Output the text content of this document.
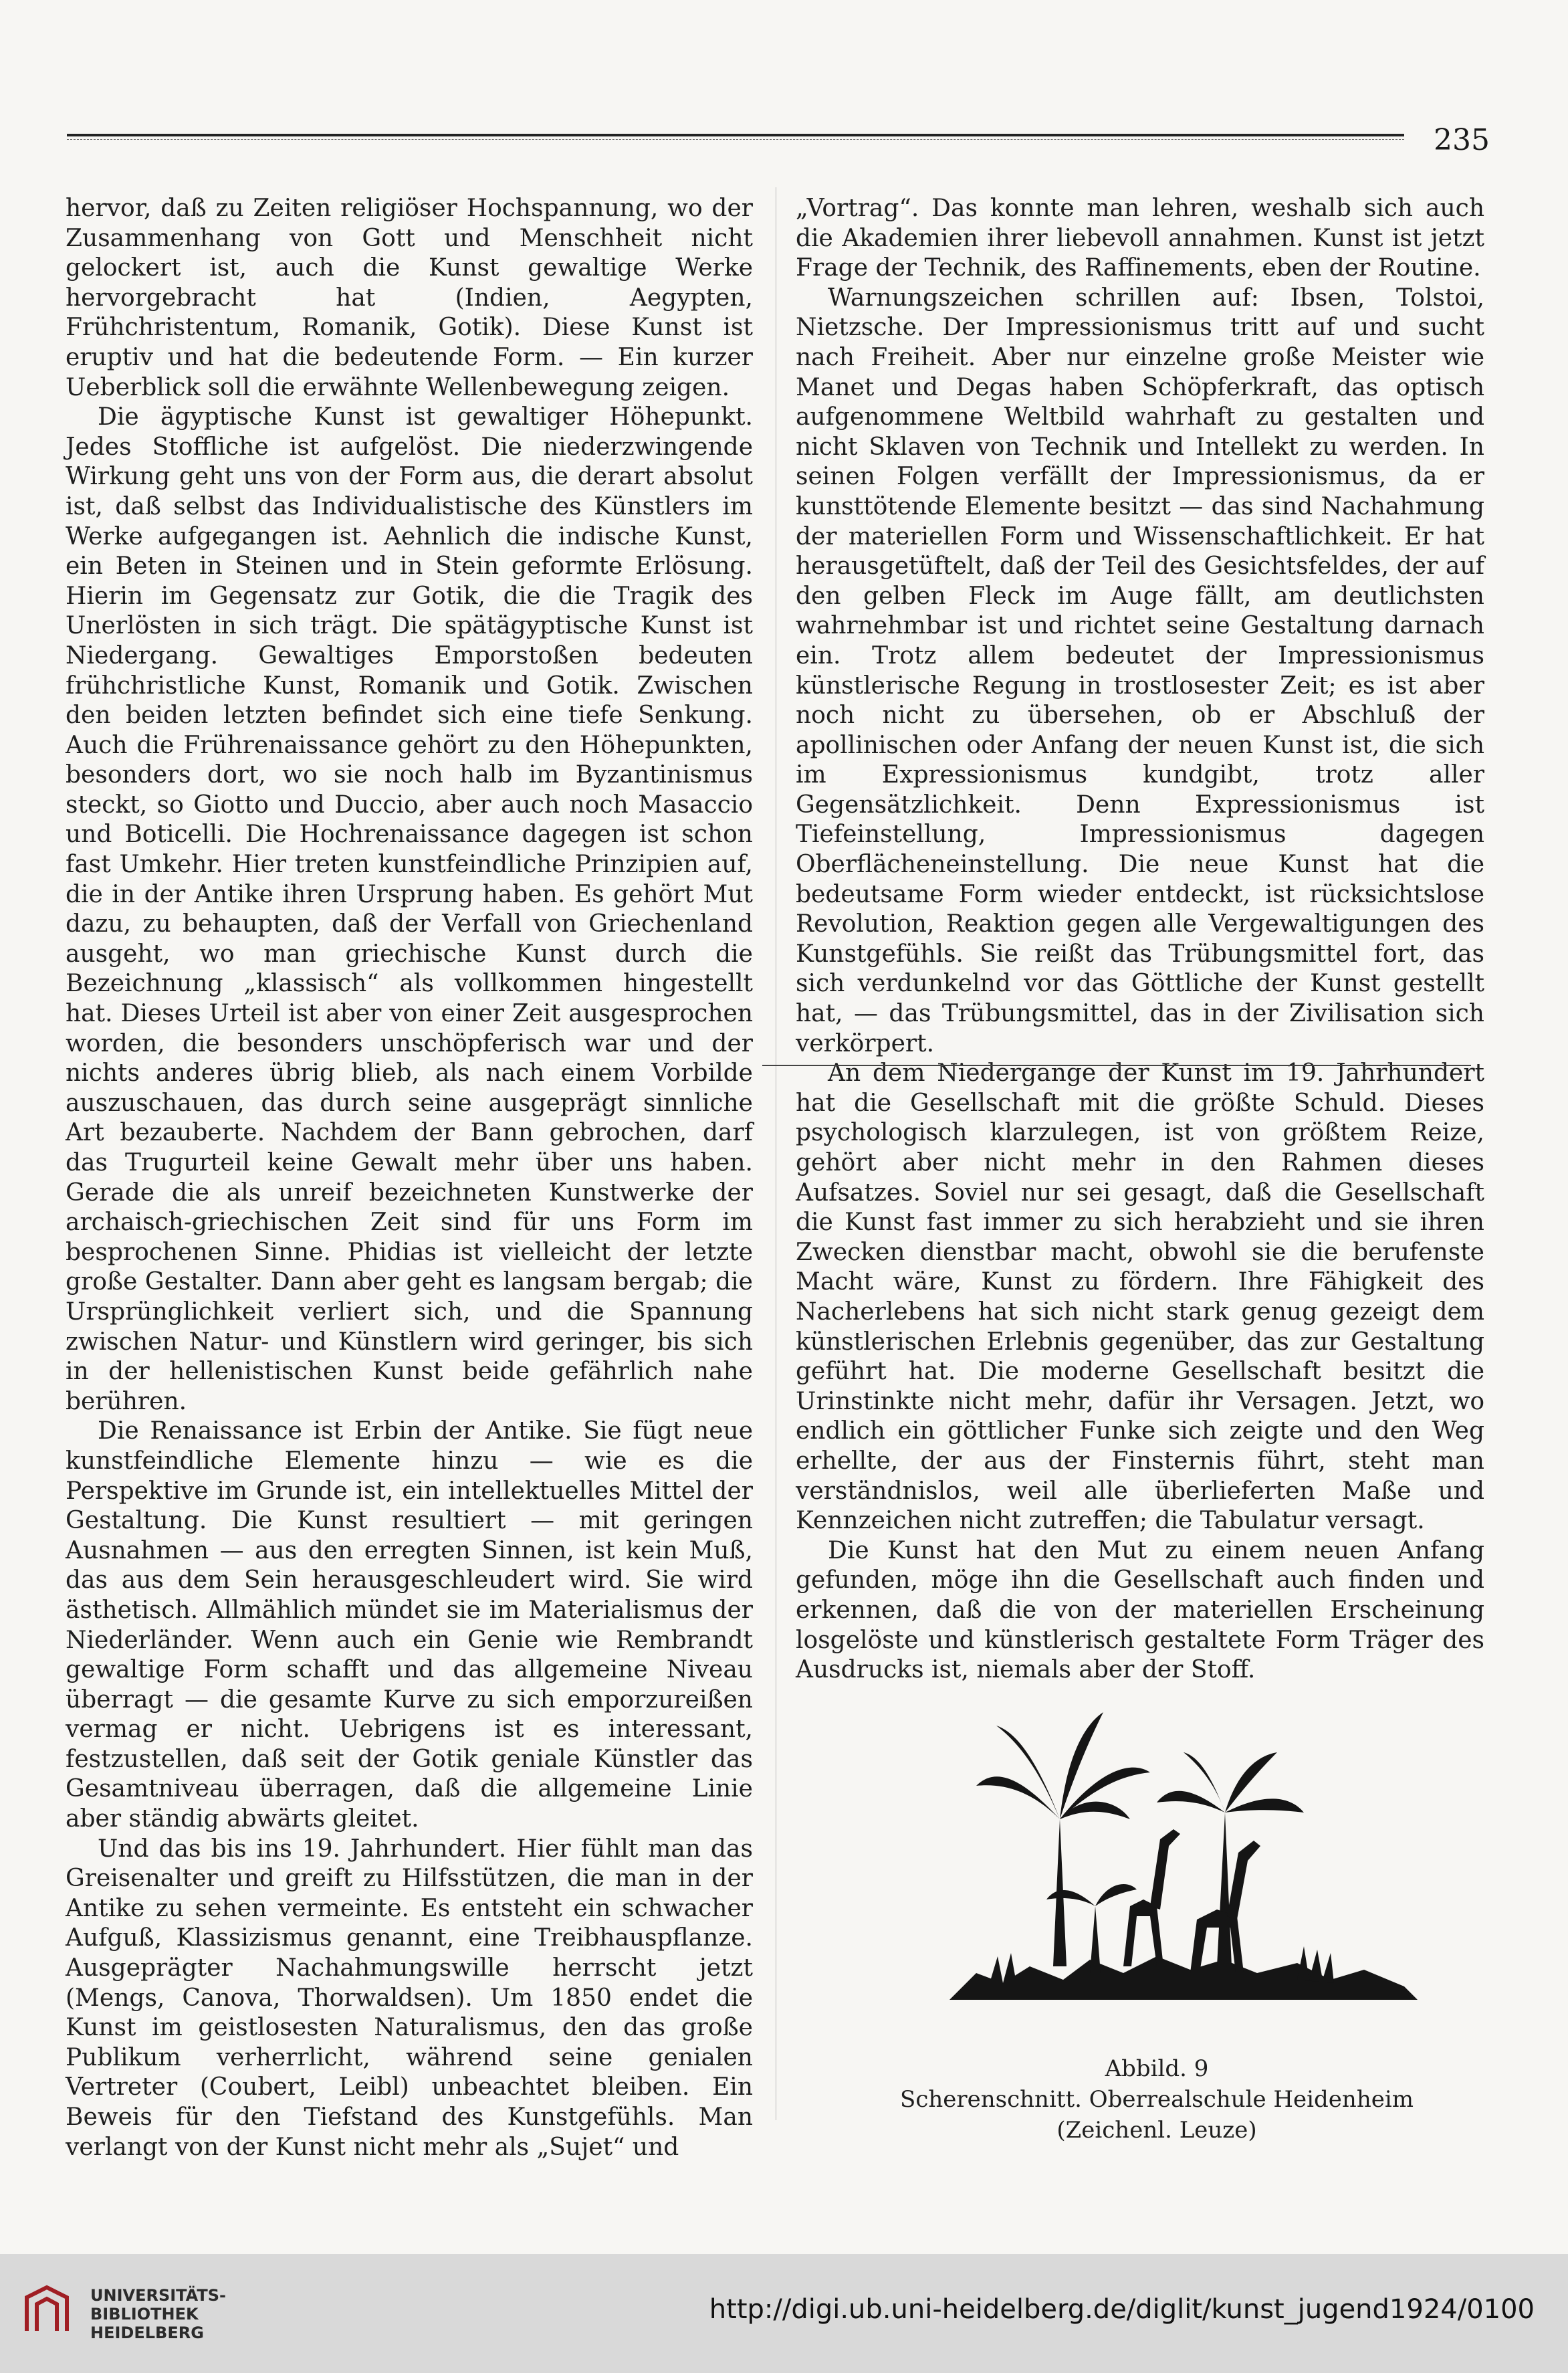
235

hervor, daß zu Zeiten religiöser Hochspannung, wo der Zusammenhang von Gott und Menschheit nicht gelockert ist, auch die Kunst gewaltige Werke hervorgebracht hat (Indien, Aegypten, Frühchristentum, Romanik, Gotik). Diese Kunst ist eruptiv und hat die bedeutende Form. — Ein kurzer Ueberblick soll die erwähnte Wellenbewegung zeigen.

Die ägyptische Kunst ist gewaltiger Höhepunkt. Jedes Stoffliche ist aufgelöst. Die niederzwingende Wirkung geht uns von der Form aus, die derart absolut ist, daß selbst das Individualistische des Künstlers im Werke aufgegangen ist. Aehnlich die indische Kunst, ein Beten in Steinen und in Stein geformte Erlösung. Hierin im Gegensatz zur Gotik, die die Tragik des Unerlösten in sich trägt. Die spätägyptische Kunst ist Niedergang. Gewaltiges Emporstoßen bedeuten frühchristliche Kunst, Romanik und Gotik. Zwischen den beiden letzten befindet sich eine tiefe Senkung. Auch die Frührenaissance gehört zu den Höhepunkten, besonders dort, wo sie noch halb im Byzantinismus steckt, so Giotto und Duccio, aber auch noch Masaccio und Boticelli. Die Hochrenaissance dagegen ist schon fast Umkehr. Hier treten kunstfeindliche Prinzipien auf, die in der Antike ihren Ursprung haben. Es gehört Mut dazu, zu behaupten, daß der Verfall von Griechenland ausgeht, wo man griechische Kunst durch die Bezeichnung „klassisch“ als vollkommen hingestellt hat. Dieses Urteil ist aber von einer Zeit ausgesprochen worden, die besonders unschöpferisch war und der nichts anderes übrig blieb, als nach einem Vorbilde auszuschauen, das durch seine ausgeprägt sinnliche Art bezauberte. Nachdem der Bann gebrochen, darf das Trugurteil keine Gewalt mehr über uns haben. Gerade die als unreif bezeichneten Kunstwerke der archaisch-griechischen Zeit sind für uns Form im besprochenen Sinne. Phidias ist vielleicht der letzte große Gestalter. Dann aber geht es langsam bergab; die Ursprünglichkeit verliert sich, und die Spannung zwischen Natur- und Künstlern wird geringer, bis sich in der hellenistischen Kunst beide gefährlich nahe berühren.

Die Renaissance ist Erbin der Antike. Sie fügt neue kunstfeindliche Elemente hinzu — wie es die Perspektive im Grunde ist, ein intellektuelles Mittel der Gestaltung. Die Kunst resultiert — mit geringen Ausnahmen — aus den erregten Sinnen, ist kein Muß, das aus dem Sein herausgeschleudert wird. Sie wird ästhetisch. Allmählich mündet sie im Materialismus der Niederländer. Wenn auch ein Genie wie Rembrandt gewaltige Form schafft und das allgemeine Niveau überragt — die gesamte Kurve zu sich emporzureißen vermag er nicht. Uebrigens ist es interessant, festzustellen, daß seit der Gotik geniale Künstler das Gesamtniveau überragen, daß die allgemeine Linie aber ständig abwärts gleitet.

Und das bis ins 19. Jahrhundert. Hier fühlt man das Greisenalter und greift zu Hilfsstützen, die man in der Antike zu sehen vermeinte. Es entsteht ein schwacher Aufguß, Klassizismus genannt, eine Treibhauspflanze. Ausgeprägter Nachahmungswille herrscht jetzt (Mengs, Canova, Thorwaldsen). Um 1850 endet die Kunst im geistlosesten Naturalismus, den das große Publikum verherrlicht, während seine genialen Vertreter (Coubert, Leibl) unbeachtet bleiben. Ein Beweis für den Tiefstand des Kunstgefühls. Man verlangt von der Kunst nicht mehr als „Sujet“ und

„Vortrag“. Das konnte man lehren, weshalb sich auch die Akademien ihrer liebevoll annahmen. Kunst ist jetzt Frage der Technik, des Raffinements, eben der Routine.

Warnungszeichen schrillen auf: Ibsen, Tolstoi, Nietzsche. Der Impressionismus tritt auf und sucht nach Freiheit. Aber nur einzelne große Meister wie Manet und Degas haben Schöpferkraft, das optisch aufgenommene Weltbild wahrhaft zu gestalten und nicht Sklaven von Technik und Intellekt zu werden. In seinen Folgen verfällt der Impressionismus, da er kunsttötende Elemente besitzt — das sind Nachahmung der materiellen Form und Wissenschaftlichkeit. Er hat herausgetüftelt, daß der Teil des Gesichtsfeldes, der auf den gelben Fleck im Auge fällt, am deutlichsten wahrnehmbar ist und richtet seine Gestaltung darnach ein. Trotz allem bedeutet der Impressionismus künstlerische Regung in trostlosester Zeit; es ist aber noch nicht zu übersehen, ob er Abschluß der apollinischen oder Anfang der neuen Kunst ist, die sich im Expressionismus kundgibt, trotz aller Gegensätzlichkeit. Denn Expressionismus ist Tiefeinstellung, Impressionismus dagegen Oberflächeneinstellung. Die neue Kunst hat die bedeutsame Form wieder entdeckt, ist rücksichtslose Revolution, Reaktion gegen alle Vergewaltigungen des Kunstgefühls. Sie reißt das Trübungsmittel fort, das sich verdunkelnd vor das Göttliche der Kunst gestellt hat, — das Trübungsmittel, das in der Zivilisation sich verkörpert.

An dem Niedergange der Kunst im 19. Jahrhundert hat die Gesellschaft mit die größte Schuld. Dieses psychologisch klarzulegen, ist von größtem Reize, gehört aber nicht mehr in den Rahmen dieses Aufsatzes. Soviel nur sei gesagt, daß die Gesellschaft die Kunst fast immer zu sich herabzieht und sie ihren Zwecken dienstbar macht, obwohl sie die berufenste Macht wäre, Kunst zu fördern. Ihre Fähigkeit des Nacherlebens hat sich nicht stark genug gezeigt dem künstlerischen Erlebnis gegenüber, das zur Gestaltung geführt hat. Die moderne Gesellschaft besitzt die Urinstinkte nicht mehr, dafür ihr Versagen. Jetzt, wo endlich ein göttlicher Funke sich zeigte und den Weg erhellte, der aus der Finsternis führt, steht man verständnislos, weil alle überlieferten Maße und Kennzeichen nicht zutreffen; die Tabulatur versagt.

Die Kunst hat den Mut zu einem neuen Anfang gefunden, möge ihn die Gesellschaft auch finden und erkennen, daß die von der materiellen Erscheinung losgelöste und künstlerisch gestaltete Form Träger des Ausdrucks ist, niemals aber der Stoff.

Abbild. 9
Scherenschnitt. Oberrealschule Heidenheim
(Zeichenl. Leuze)
UNIVERSITÄTS-
BIBLIOTHEK
HEIDELBERG
http://digi.ub.uni-heidelberg.de/diglit/kunst_jugend1924/0100
